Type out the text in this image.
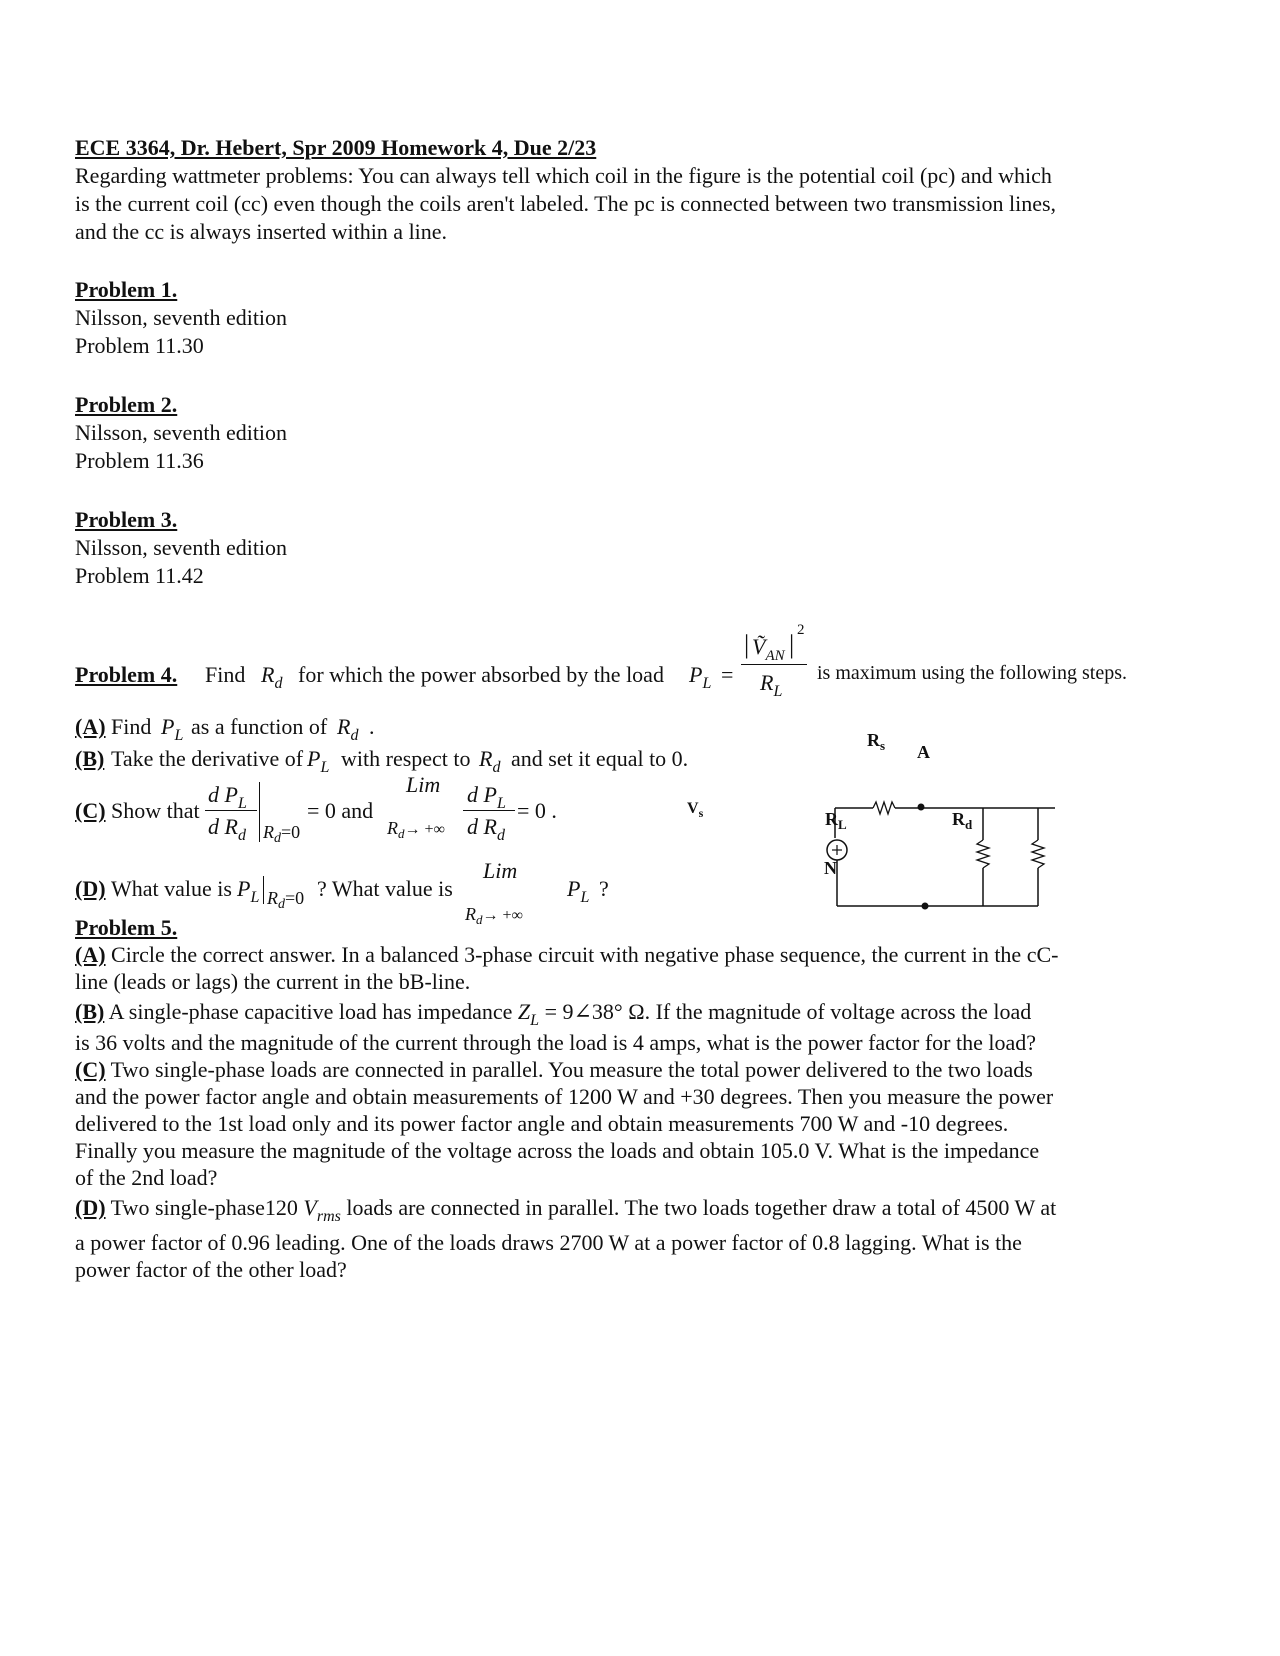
ECE 3364, Dr. Hebert, Spr 2009 Homework 4, Due 2/23
Regarding wattmeter problems: You can always tell which coil in the figure is the potential coil (pc) and which
is the current coil (cc) even though the coils aren't labeled. The pc is connected between two transmission lines,
and the cc is always inserted within a line.
Problem 1.
Nilsson, seventh edition
Problem 11.30
Problem 2.
Nilsson, seventh edition
Problem 11.36
Problem 3.
Nilsson, seventh edition
Problem 11.42
Problem 4. Find $R_d$ for which the power absorbed by the load $P_L$ =
| Ṽ$_{AN}$ | 2
$R_L$
is maximum using the following steps.
(A) Find $P_L$ as a function of $R_d$ .
(B) Take the derivative of $P_L$ with respect to $R_d$ and set it equal to 0.
(C) Show that
d $P_L$
d $R_d$ $R_d=0$
= 0 and
Lim
$R_d\to$ +∞
d $P_L$
d $R_d$
= 0 .
(D) What value is $P_L$ $R_d=0$ ? What value is
Lim
$R_d\to$ +∞
$P_L$ ?
$R_s$ A
N
$R_L$	$R_d$
$V_s$
Problem 5.
(A) Circle the correct answer. In a balanced 3-phase circuit with negative phase sequence, the current in the cC-
line (leads or lags) the current in the bB-line.
(B) A single-phase capacitive load has impedance $Z_L$ = 9∠38° Ω. If the magnitude of voltage across the load
is 36 volts and the magnitude of the current through the load is 4 amps, what is the power factor for the load?
(C) Two single-phase loads are connected in parallel. You measure the total power delivered to the two loads
and the power factor angle and obtain measurements of 1200 W and +30 degrees. Then you measure the power
delivered to the 1st load only and its power factor angle and obtain measurements 700 W and -10 degrees.
Finally you measure the magnitude of the voltage across the loads and obtain 105.0 V. What is the impedance
of the 2nd load?
(D) Two single-phase120 $V_{rms}$ loads are connected in parallel. The two loads together draw a total of 4500 W at
a power factor of 0.96 leading. One of the loads draws 2700 W at a power factor of 0.8 lagging. What is the
power factor of the other load?
